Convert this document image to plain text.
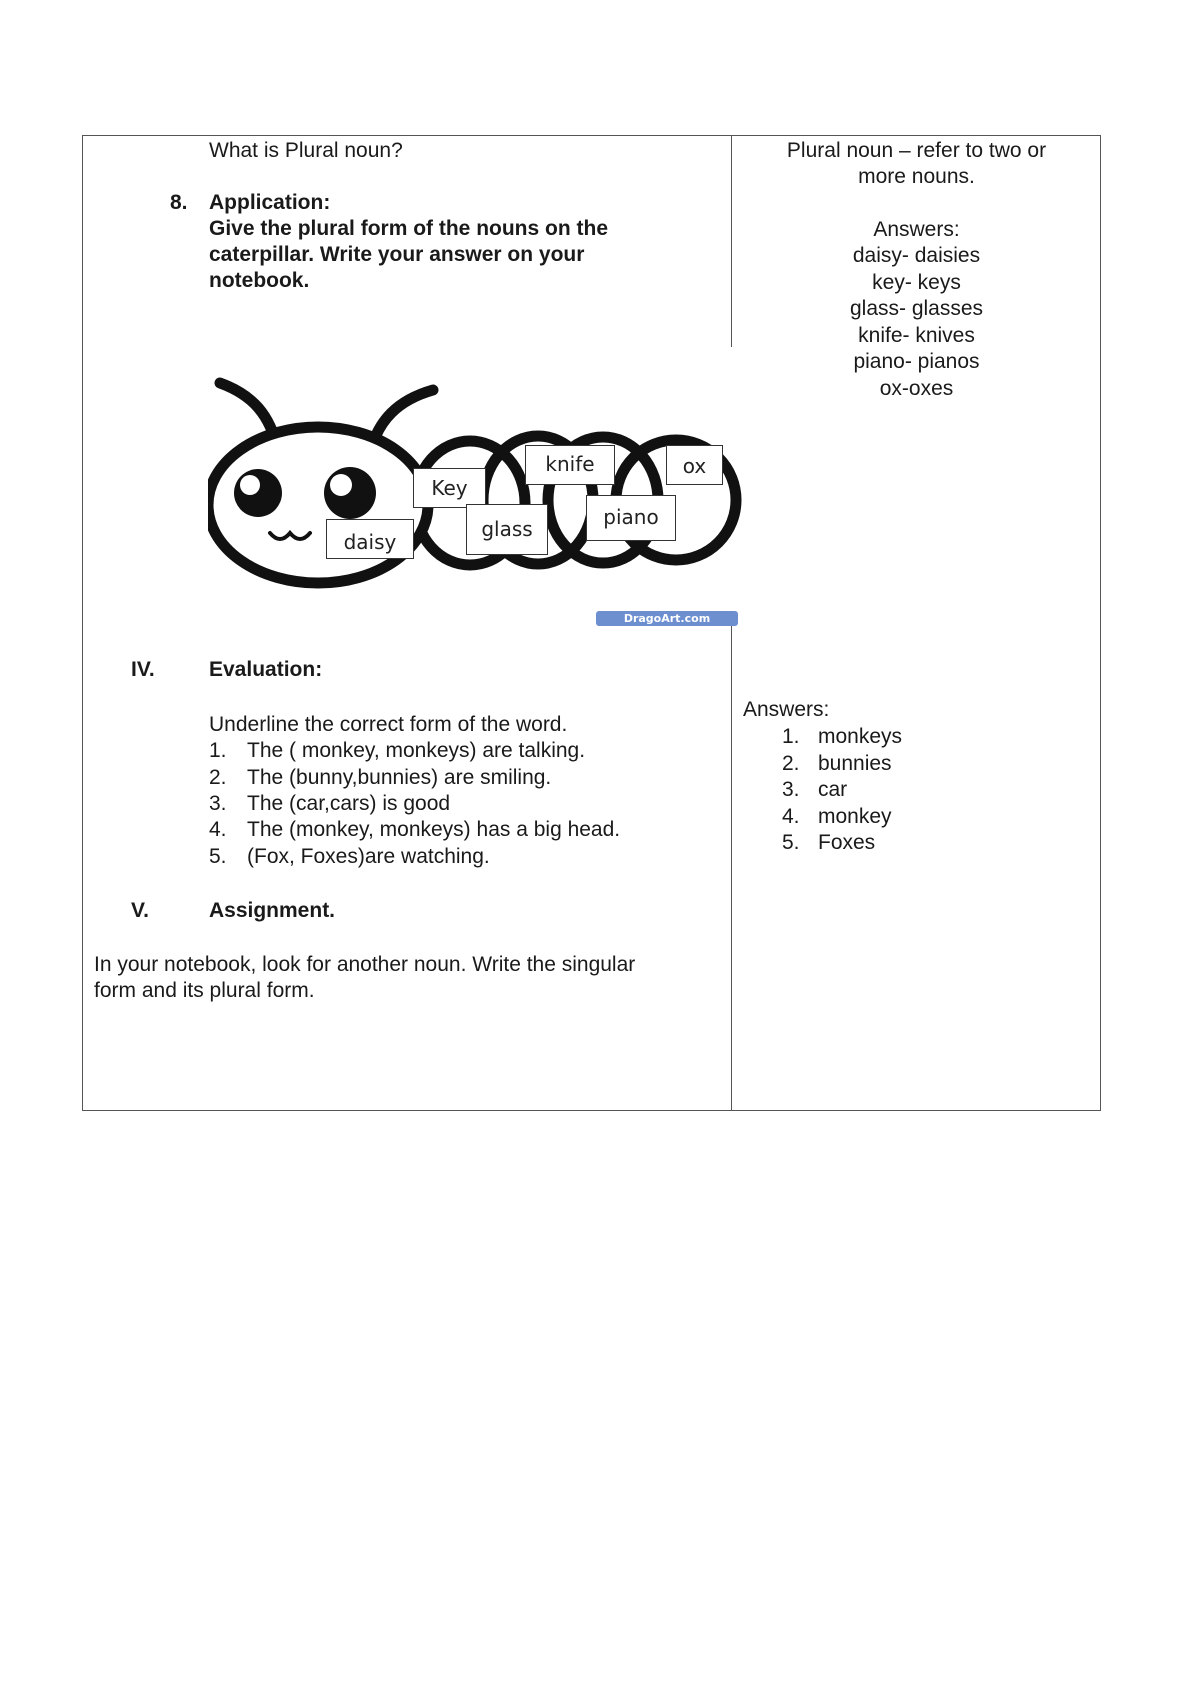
What is Plural noun?
8. Application:
Give the plural form of the nouns on the
caterpillar. Write your answer on your
notebook.
Key
knife	ox
daisy
glass	piano
DragoArt.com
IV.	Evaluation:
Underline the correct form of the word.
1. The ( monkey, monkeys) are talking.
2. The (bunny,bunnies) are smiling.
3. The (car,cars) is good
4. The (monkey, monkeys) has a big head.
5. (Fox, Foxes)are watching.
V.	Assignment.
In your notebook, look for another noun. Write the singular
form and its plural form.
Plural noun – refer to two or
more nouns.
Answers:
daisy- daisies
key- keys
glass- glasses
knife- knives
piano- pianos
ox-oxes
Answers:
1. monkeys
2. bunnies
3. car
4. monkey
5. Foxes
